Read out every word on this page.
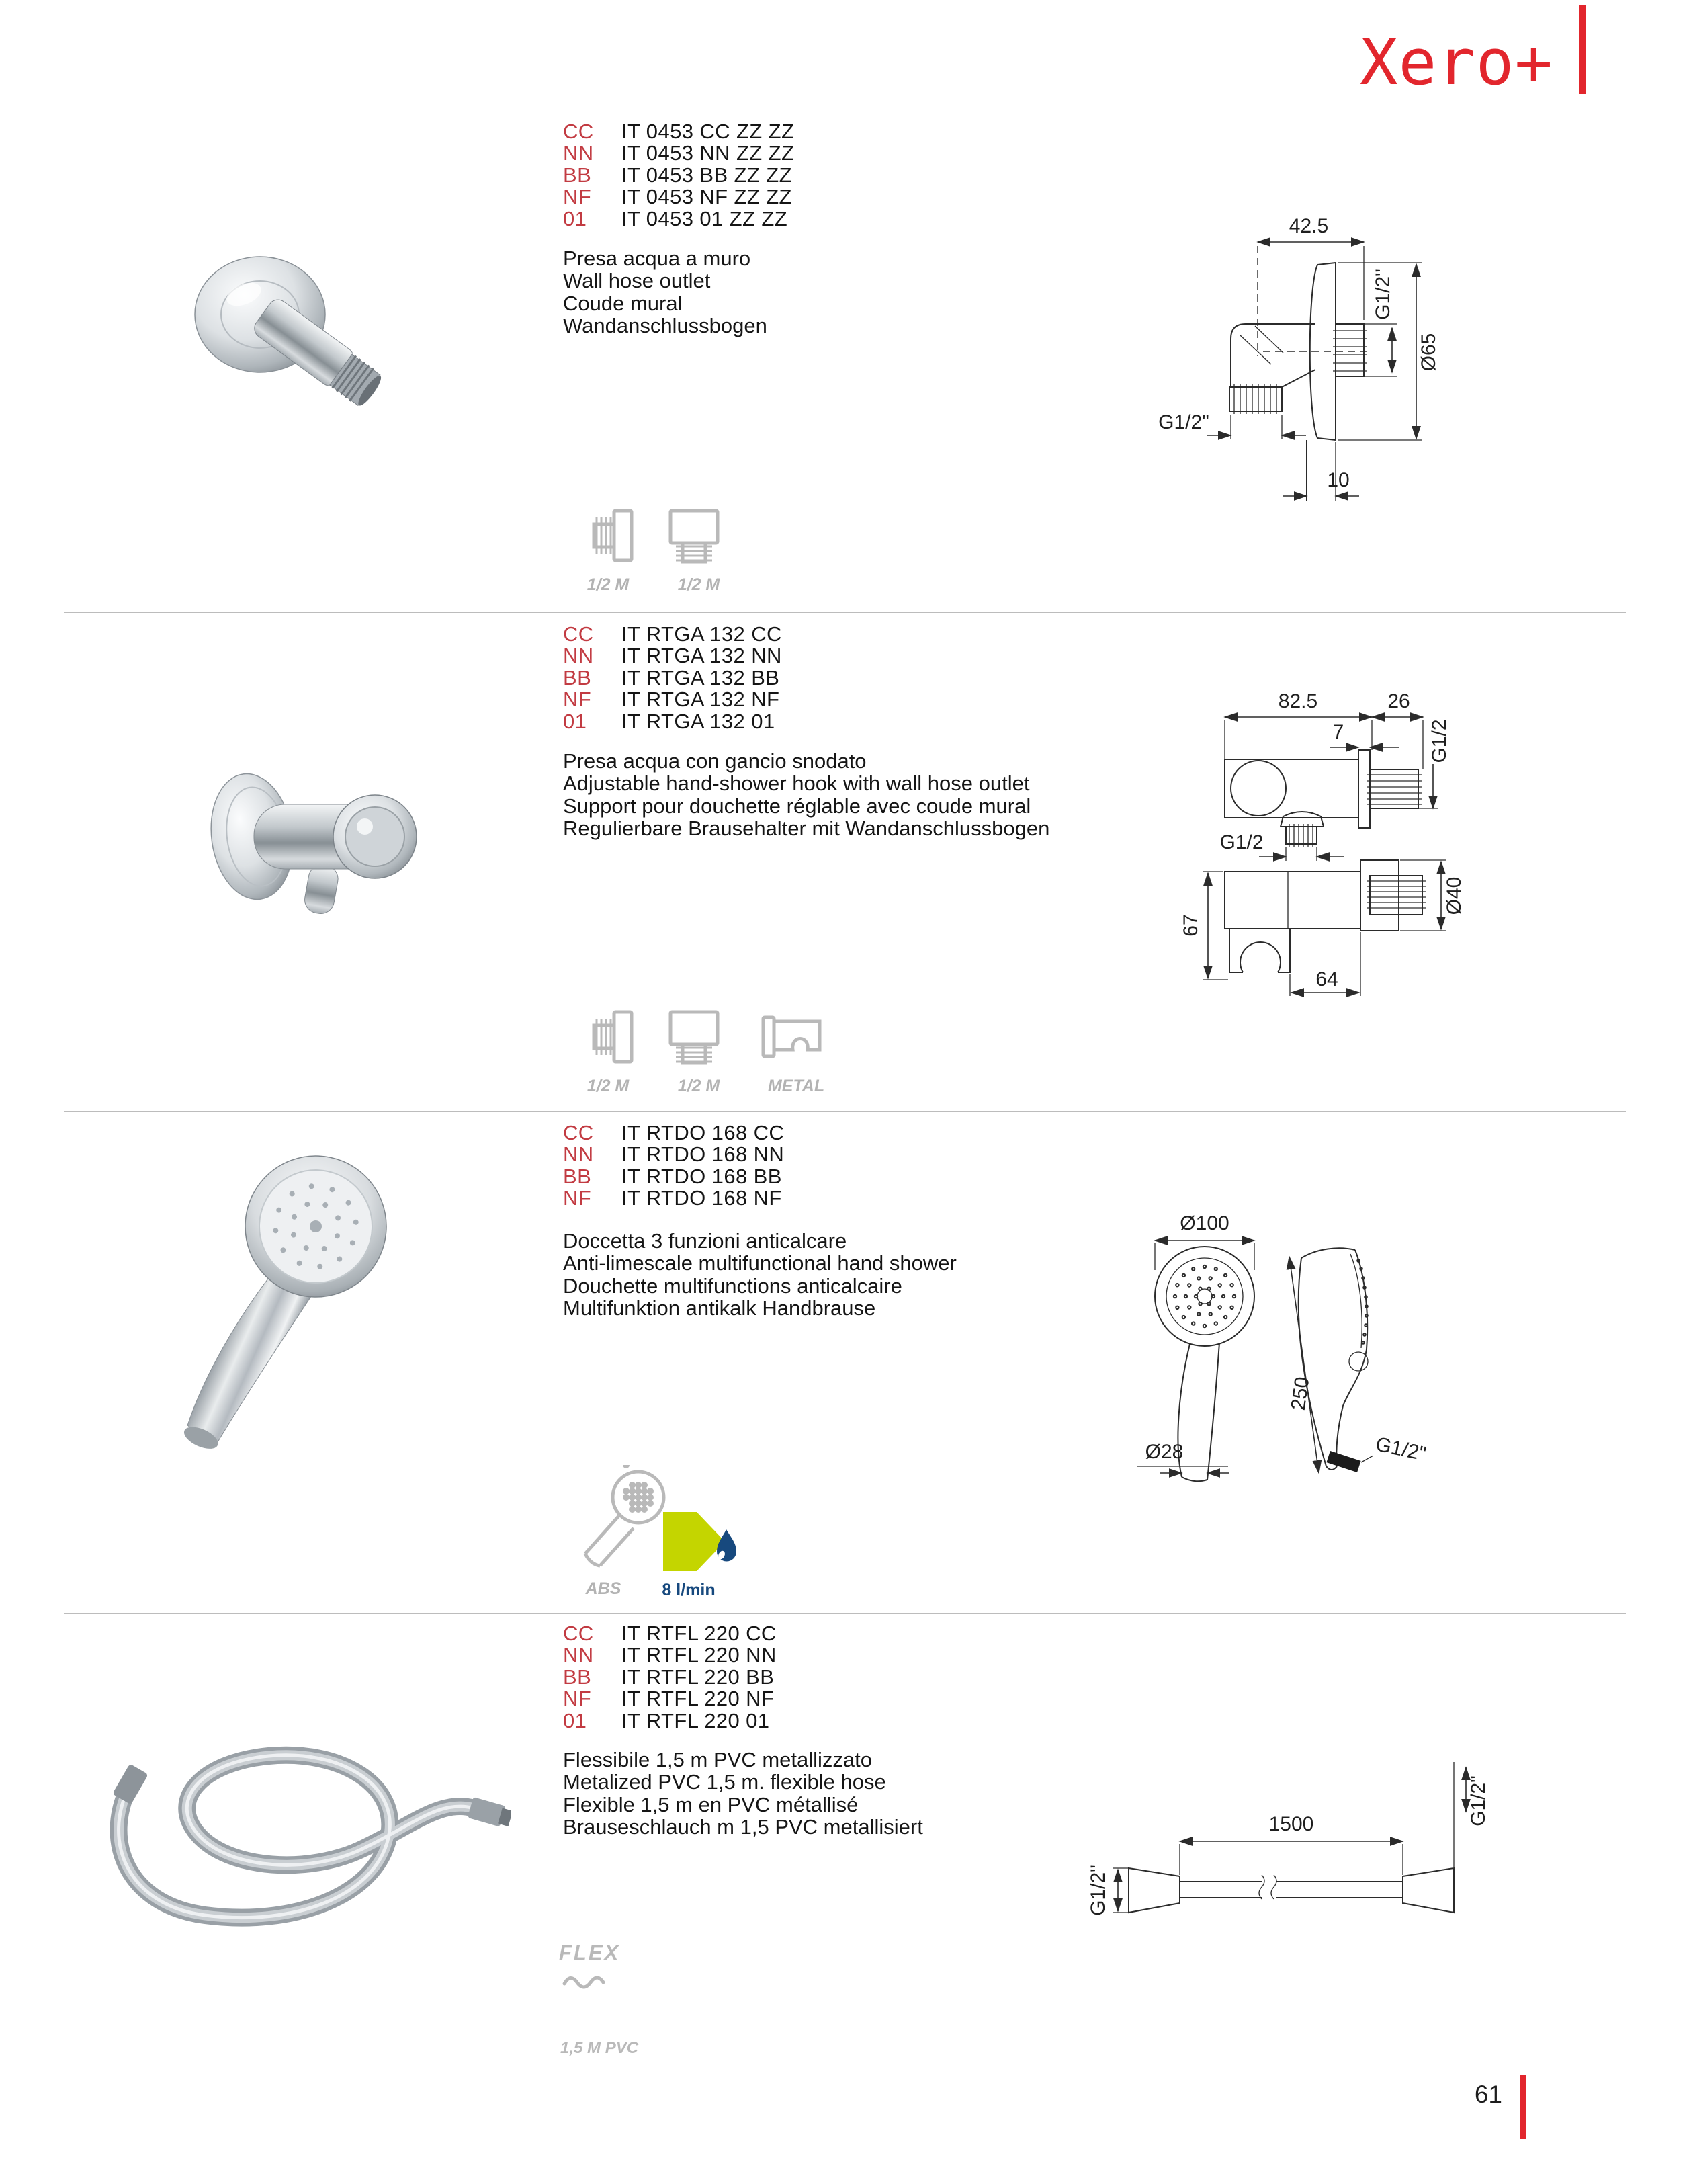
Xero+
CC IT 0453 CC ZZ ZZ
NN IT 0453 NN ZZ ZZ
BB IT 0453 BB ZZ ZZ
NF IT 0453 NF ZZ ZZ
01 IT 0453 01 ZZ ZZ
Presa acqua a muro
Wall hose outlet
Coude mural
Wandanschlussbogen
1/2 M	1/2 M
42.5
G1/2"
Ø65
G1/2"
10
CC IT RTGA 132 CC
NN IT RTGA 132 NN
BB IT RTGA 132 BB
NF IT RTGA 132 NF
01 IT RTGA 132 01
Presa acqua con gancio snodato
Adjustable hand-shower hook with wall hose outlet
Support pour douchette réglable avec coude mural
Regulierbare Brausehalter mit Wandanschlussbogen
1/2 M	1/2 M	METAL
82.5	26
7	G1/2
G1/2
Ø40
67
64
CC IT RTDO 168 CC
NN IT RTDO 168 NN
BB IT RTDO 168 BB
NF IT RTDO 168 NF
Doccetta 3 funzioni anticalcare
Anti-limescale multifunctional hand shower
Douchette multifunctions anticalcaire
Multifunktion antikalk Handbrause
ABS 8 l/min
Ø100
Ø28
250
G1/2"
CC IT RTFL 220 CC
NN IT RTFL 220 NN
BB IT RTFL 220 BB
NF IT RTFL 220 NF
01 IT RTFL 220 01
Flessibile 1,5 m PVC metallizzato
Metalized PVC 1,5 m. flexible hose
Flexible 1,5 m en PVC métallisé
Brauseschlauch m 1,5 PVC metallisiert
FLEX
1,5 M PVC
1500
G1/2"
G1/2"
61
